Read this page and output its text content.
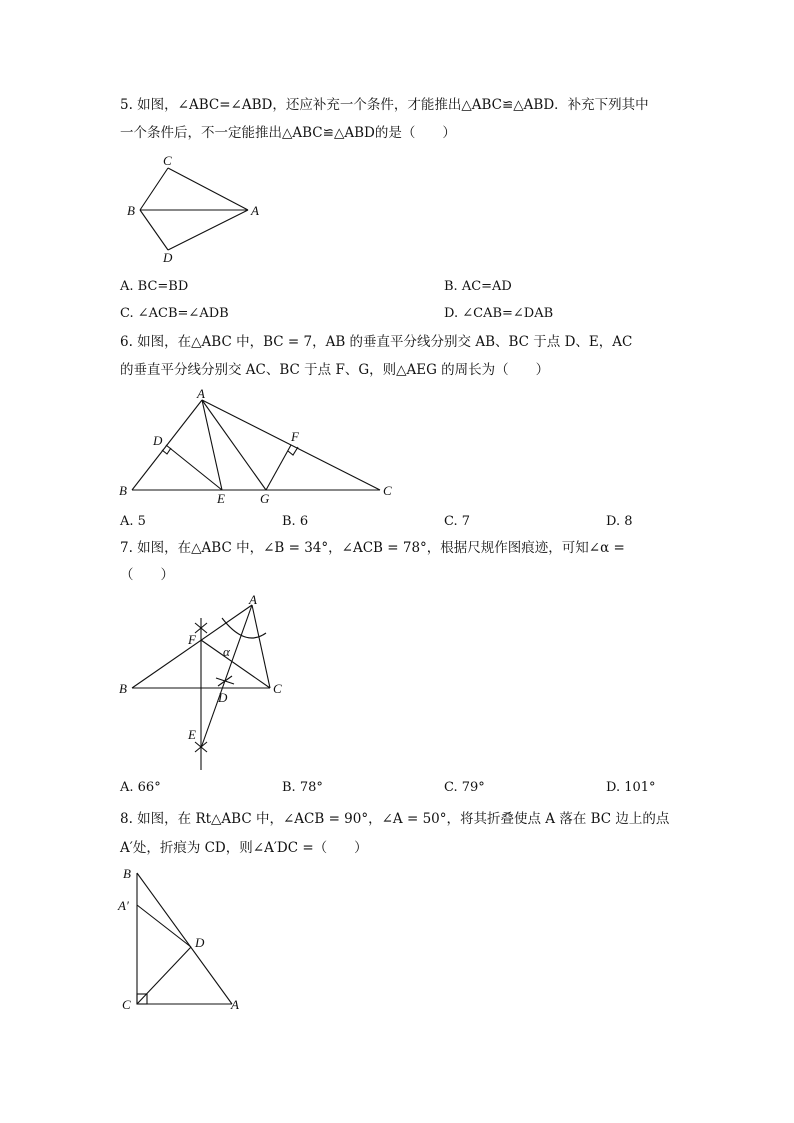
5. 如图，∠ABC=∠ABD，还应补充一个条件，才能推出△ABC≌△ABD．补充下列其中
一个条件后，不一定能推出△ABC≌△ABD的是（　　）
C
B	A
D
A. BC=BD	B. AC=AD
C. ∠ACB=∠ADB	D. ∠CAB=∠DAB
6. 如图，在△ABC 中，BC = 7，AB 的垂直平分线分别交 AB、BC 于点 D、E，AC
的垂直平分线分别交 AC、BC 于点 F、G，则△AEG 的周长为（　　）
A
B	C
D
E
F
G
A. 5	B. 6	C. 7	D. 8
7. 如图，在△ABC 中，∠B = 34°，∠ACB = 78°，根据尺规作图痕迹，可知∠α =
（　　）
A
B	C
D
E
F
α
A. 66°	B. 78°	C. 79°	D. 101°
8. 如图，在 Rt△ABC 中，∠ACB = 90°，∠A = 50°，将其折叠使点 A 落在 BC 边上的点
A′处，折痕为 CD，则∠A′DC =（　　）
B
A′
D
C	A
